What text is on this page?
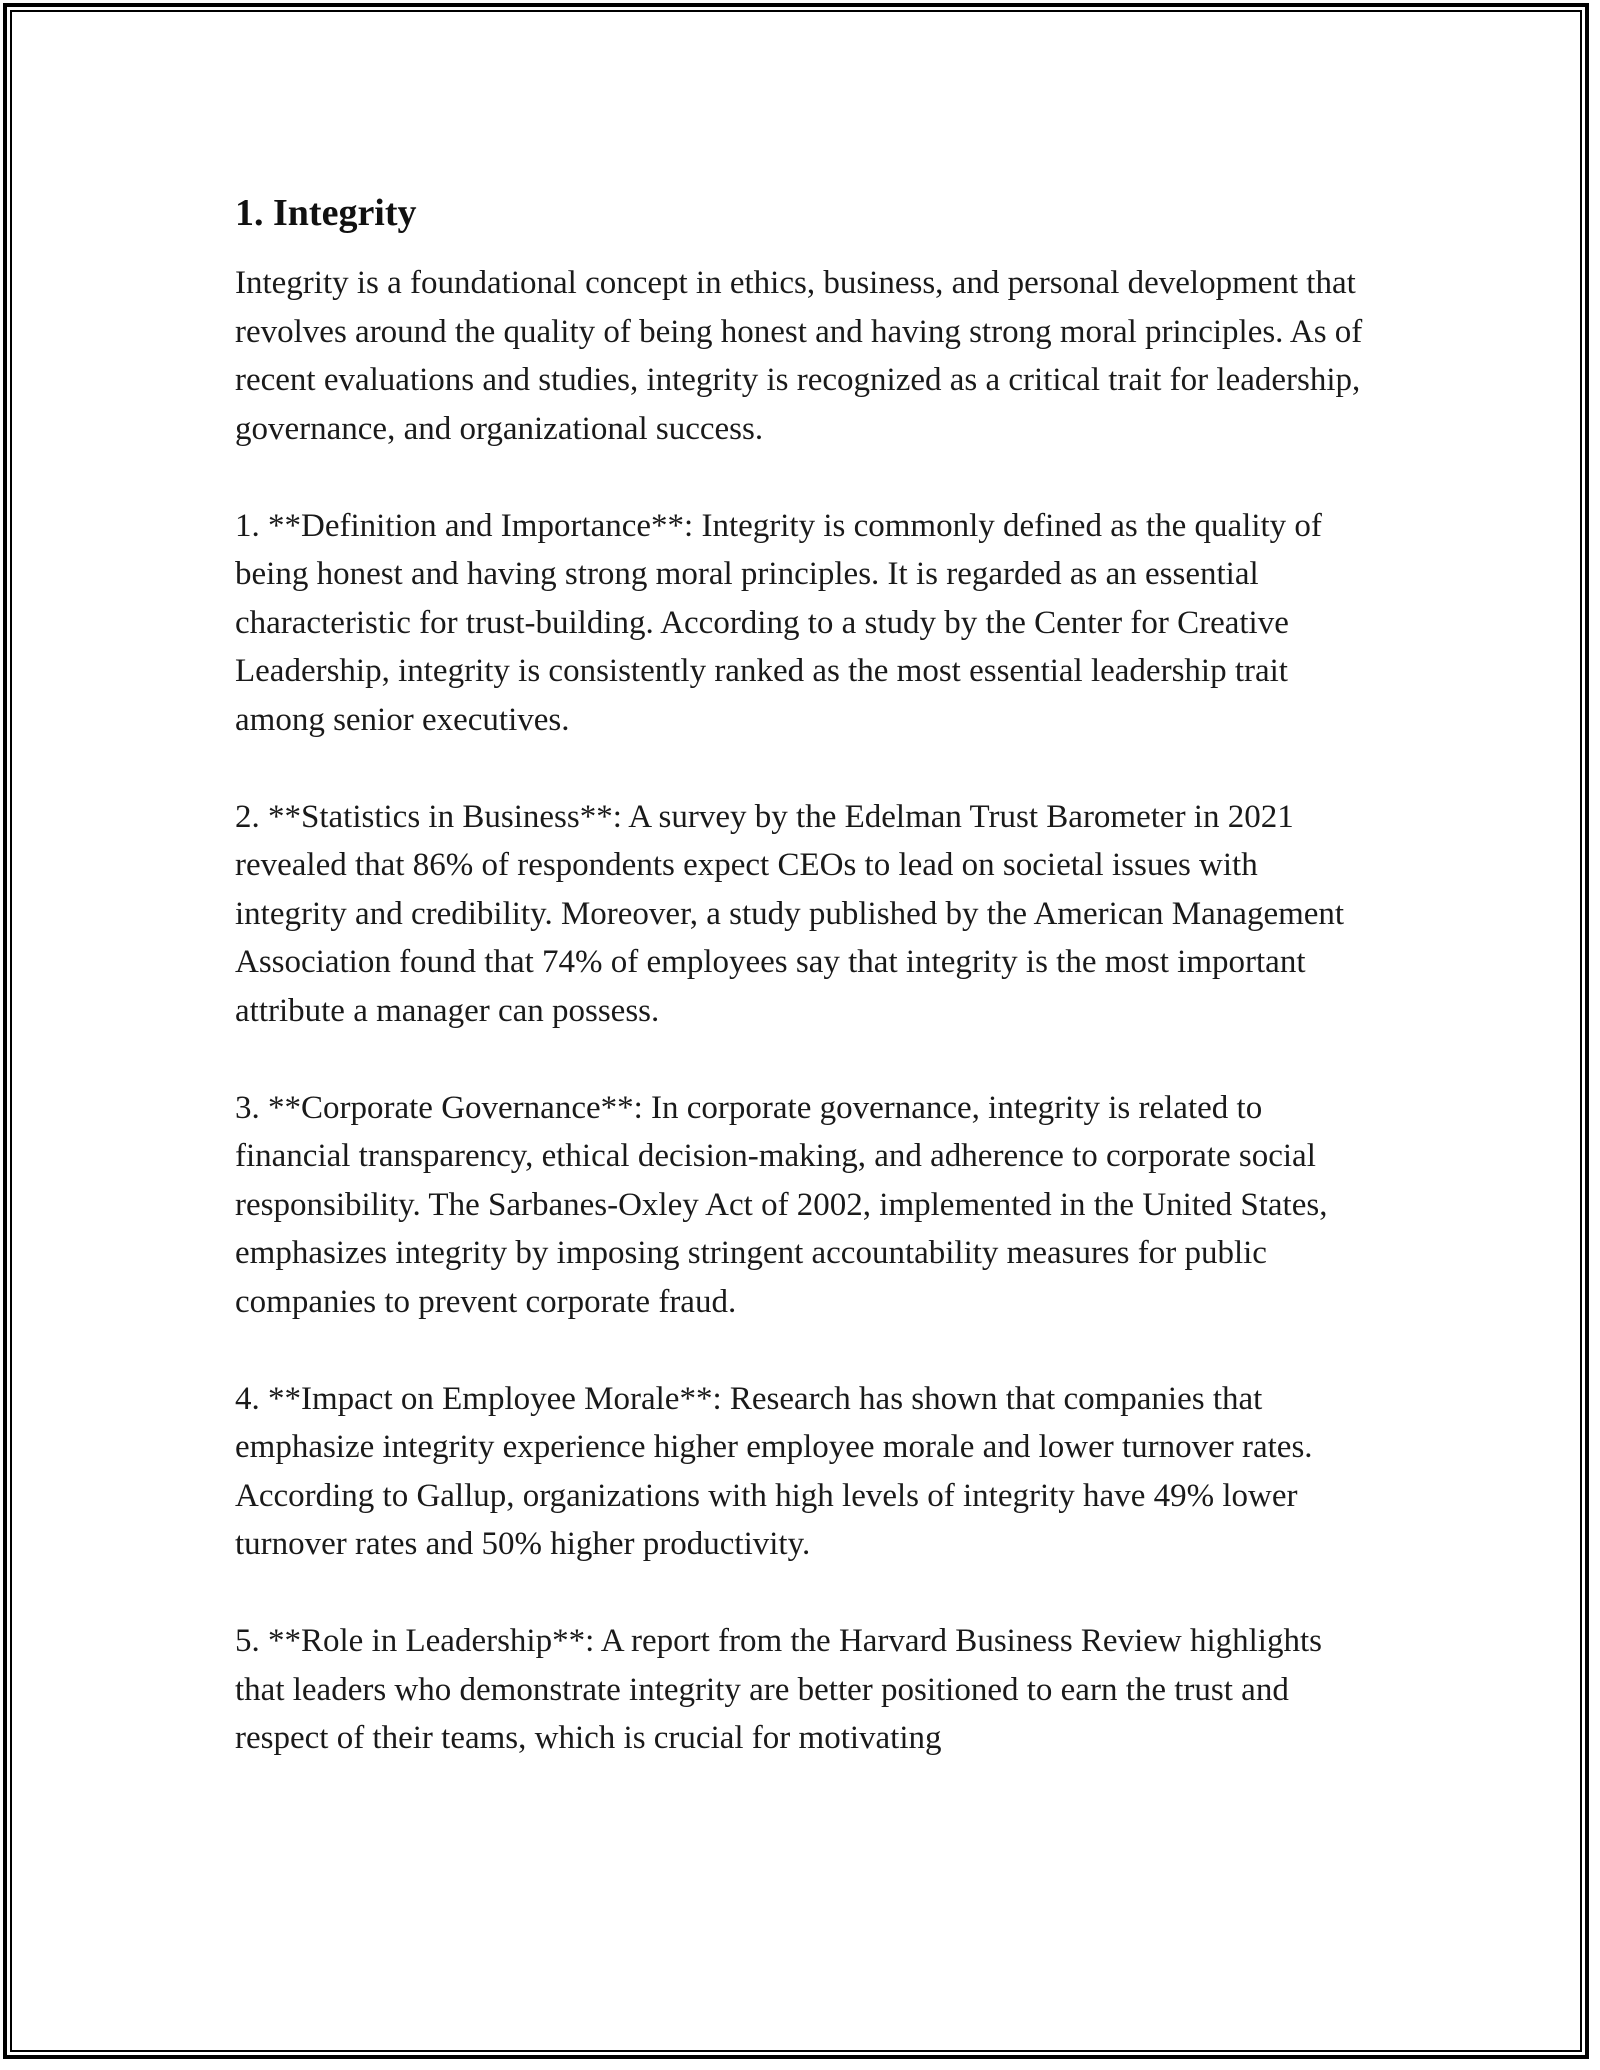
1. Integrity

Integrity is a foundational concept in ethics, business, and personal development that revolves around the quality of being honest and having strong moral principles. As of recent evaluations and studies, integrity is recognized as a critical trait for leadership, governance, and organizational success.

1. **Definition and Importance**: Integrity is commonly defined as the quality of being honest and having strong moral principles. It is regarded as an essential characteristic for trust-building. According to a study by the Center for Creative Leadership, integrity is consistently ranked as the most essential leadership trait among senior executives.

2. **Statistics in Business**: A survey by the Edelman Trust Barometer in 2021 revealed that 86% of respondents expect CEOs to lead on societal issues with integrity and credibility. Moreover, a study published by the American Management Association found that 74% of employees say that integrity is the most important attribute a manager can possess.

3. **Corporate Governance**: In corporate governance, integrity is related to financial transparency, ethical decision-making, and adherence to corporate social responsibility. The Sarbanes-Oxley Act of 2002, implemented in the United States, emphasizes integrity by imposing stringent accountability measures for public companies to prevent corporate fraud.

4. **Impact on Employee Morale**: Research has shown that companies that emphasize integrity experience higher employee morale and lower turnover rates. According to Gallup, organizations with high levels of integrity have 49% lower turnover rates and 50% higher productivity.

5. **Role in Leadership**: A report from the Harvard Business Review highlights that leaders who demonstrate integrity are better positioned to earn the trust and respect of their teams, which is crucial for motivating
